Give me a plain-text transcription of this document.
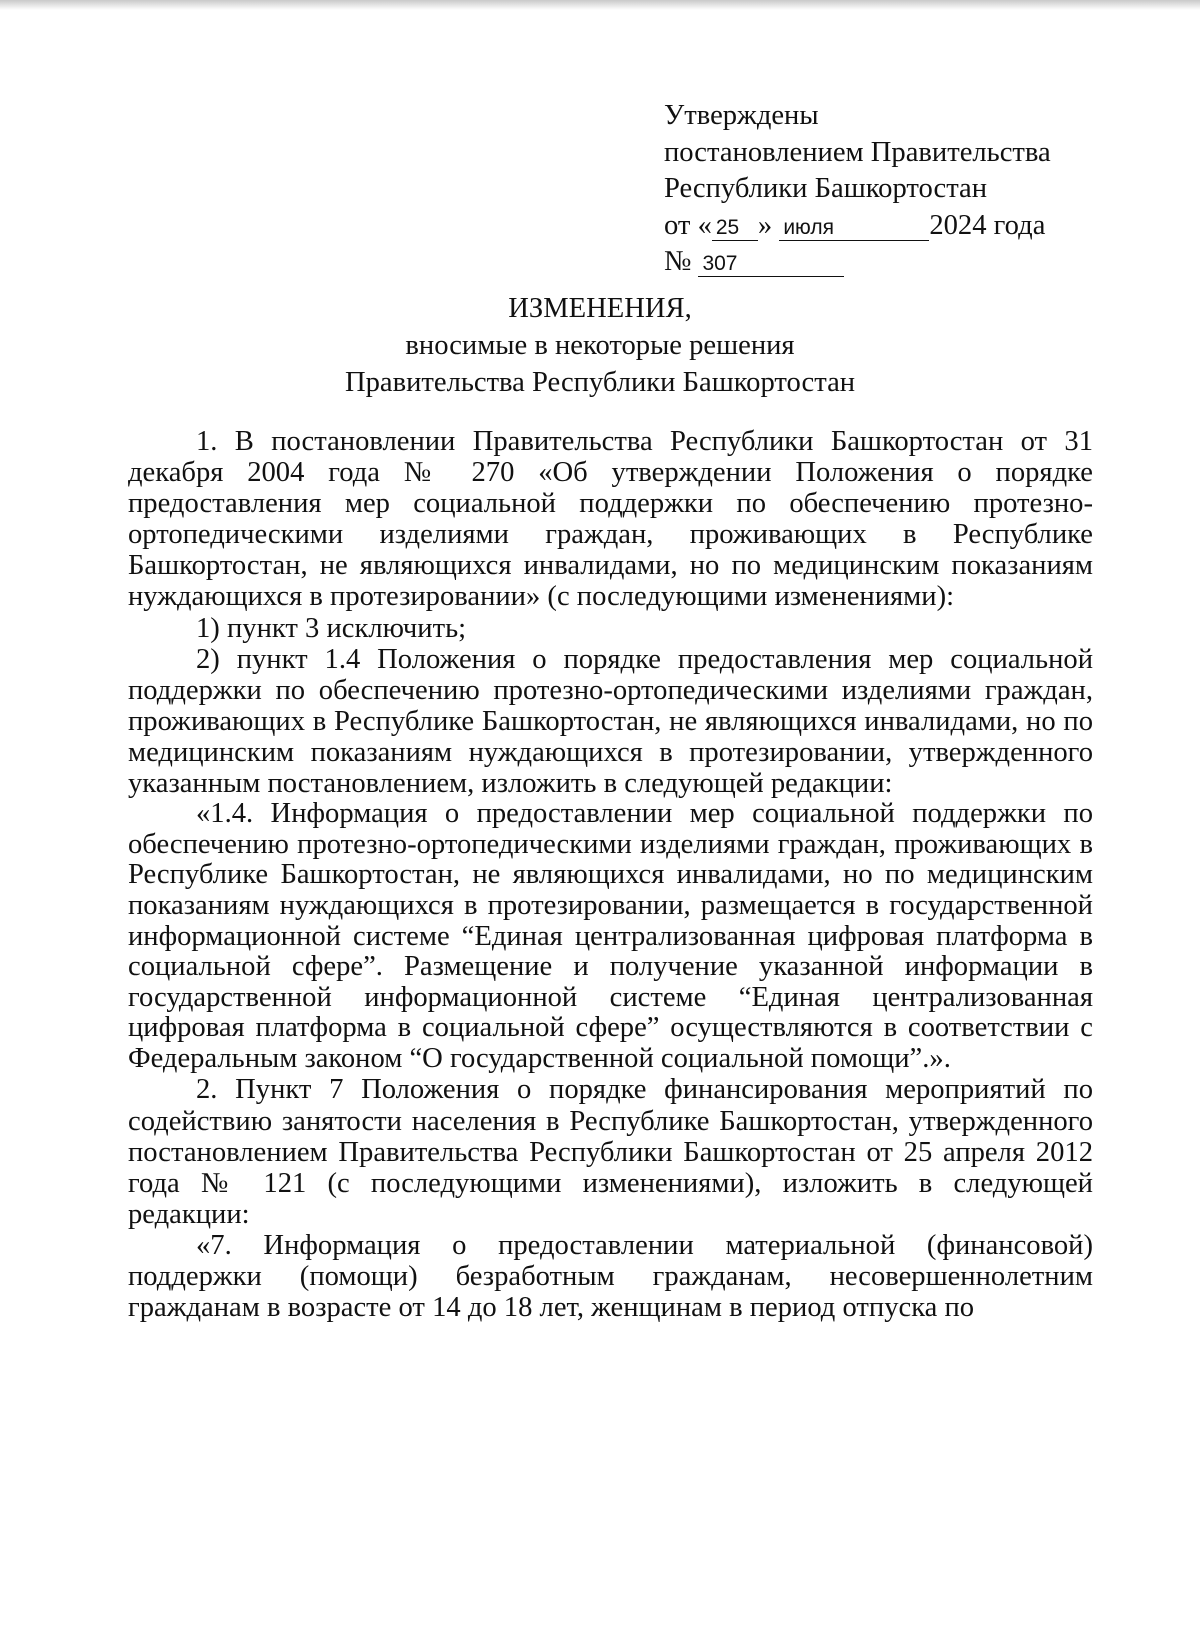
Утверждены
постановлением Правительства
Республики Башкортостан
от « 25 » июля	2024 года
№ 307
ИЗМЕНЕНИЯ,
вносимые в некоторые решения
Правительства Республики Башкортостан

1. В постановлении Правительства Республики Башкортостан от 31 декабря 2004 года № 270 «Об утверждении Положения о порядке предоставления мер социальной поддержки по обеспечению протезно-ортопедическими изделиями граждан, проживающих в Республике Башкортостан, не являющихся инвалидами, но по медицинским показаниям нуждающихся в протезировании» (с последующими изменениями):

1) пункт 3 исключить;

2) пункт 1.4 Положения о порядке предоставления мер социальной поддержки по обеспечению протезно-ортопедическими изделиями граждан, проживающих в Республике Башкортостан, не являющихся инвалидами, но по медицинским показаниям нуждающихся в протезировании, утвержденного указанным постановлением, изложить в следующей редакции:

«1.4. Информация о предоставлении мер социальной поддержки по обеспечению протезно-ортопедическими изделиями граждан, проживающих в Республике Башкортостан, не являющихся инвалидами, но по медицинским показаниям нуждающихся в протезировании, размещается в государственной информационной системе “Единая централизованная цифровая платформа в социальной сфере”. Размещение и получение указанной информации в государственной информационной системе “Единая централизованная цифровая платформа в социальной сфере” осуществляются в соответствии с Федеральным законом “О государственной социальной помощи”.».

2. Пункт 7 Положения о порядке финансирования мероприятий по содействию занятости населения в Республике Башкортостан, утвержденного постановлением Правительства Республики Башкортостан от 25 апреля 2012 года № 121 (с последующими изменениями), изложить в следующей редакции:

«7. Информация о предоставлении материальной (финансовой) поддержки (помощи) безработным гражданам, несовершеннолетним гражданам в возрасте от 14 до 18 лет, женщинам в период отпуска по
